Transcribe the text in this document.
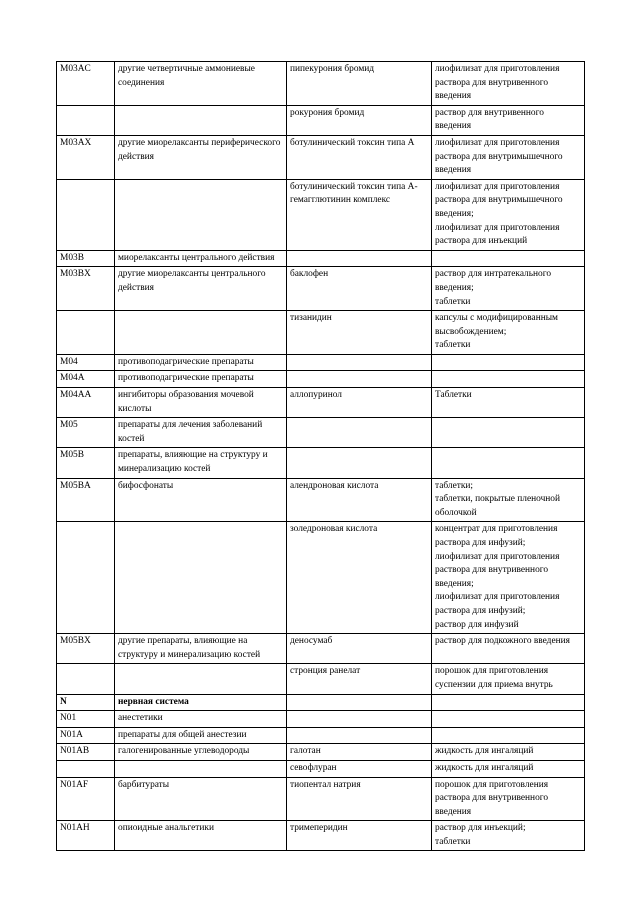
M03AC	другие четвертичные аммониевые соединения	пипекурония бромид	лиофилизат для приготовления раствора для внутривенного введения
		рокурония бромид	раствор для внутривенного введения
M03AX	другие миорелаксанты периферического действия	ботулинический токсин типа А	лиофилизат для приготовления раствора для внутримышечного введения
		ботулинический токсин типа А-гемагглютинин комплекс	лиофилизат для приготовления раствора для внутримышечного введения;
лиофилизат для приготовления раствора для инъекций
M03B	миорелаксанты центрального действия		
M03BX	другие миорелаксанты центрального действия	баклофен	раствор для интратекального введения;
таблетки
		тизанидин	капсулы с модифицированным высвобождением;
таблетки
M04	противоподагрические препараты		
M04A	противоподагрические препараты		
M04AA	ингибиторы образования мочевой кислоты	аллопуринол	Таблетки
M05	препараты для лечения заболеваний костей		
M05B	препараты, влияющие на структуру и минерализацию костей		
M05BA	бифосфонаты	алендроновая кислота	таблетки;
таблетки, покрытые пленочной оболочкой
		золедроновая кислота	концентрат для приготовления раствора для инфузий;
лиофилизат для приготовления раствора для внутривенного введения;
лиофилизат для приготовления раствора для инфузий;
раствор для инфузий
M05BX	другие препараты, влияющие на структуру и минерализацию костей	деносумаб	раствор для подкожного введения
		стронция ранелат	порошок для приготовления суспензии для приема внутрь
N	нервная система		
N01	анестетики		
N01A	препараты для общей анестезии		
N01AB	галогенированные углеводороды	галотан	жидкость для ингаляций
		севофлуран	жидкость для ингаляций
N01AF	барбитураты	тиопентал натрия	порошок для приготовления раствора для внутривенного введения
N01AH	опиоидные анальгетики	тримеперидин	раствор для инъекций;
таблетки
